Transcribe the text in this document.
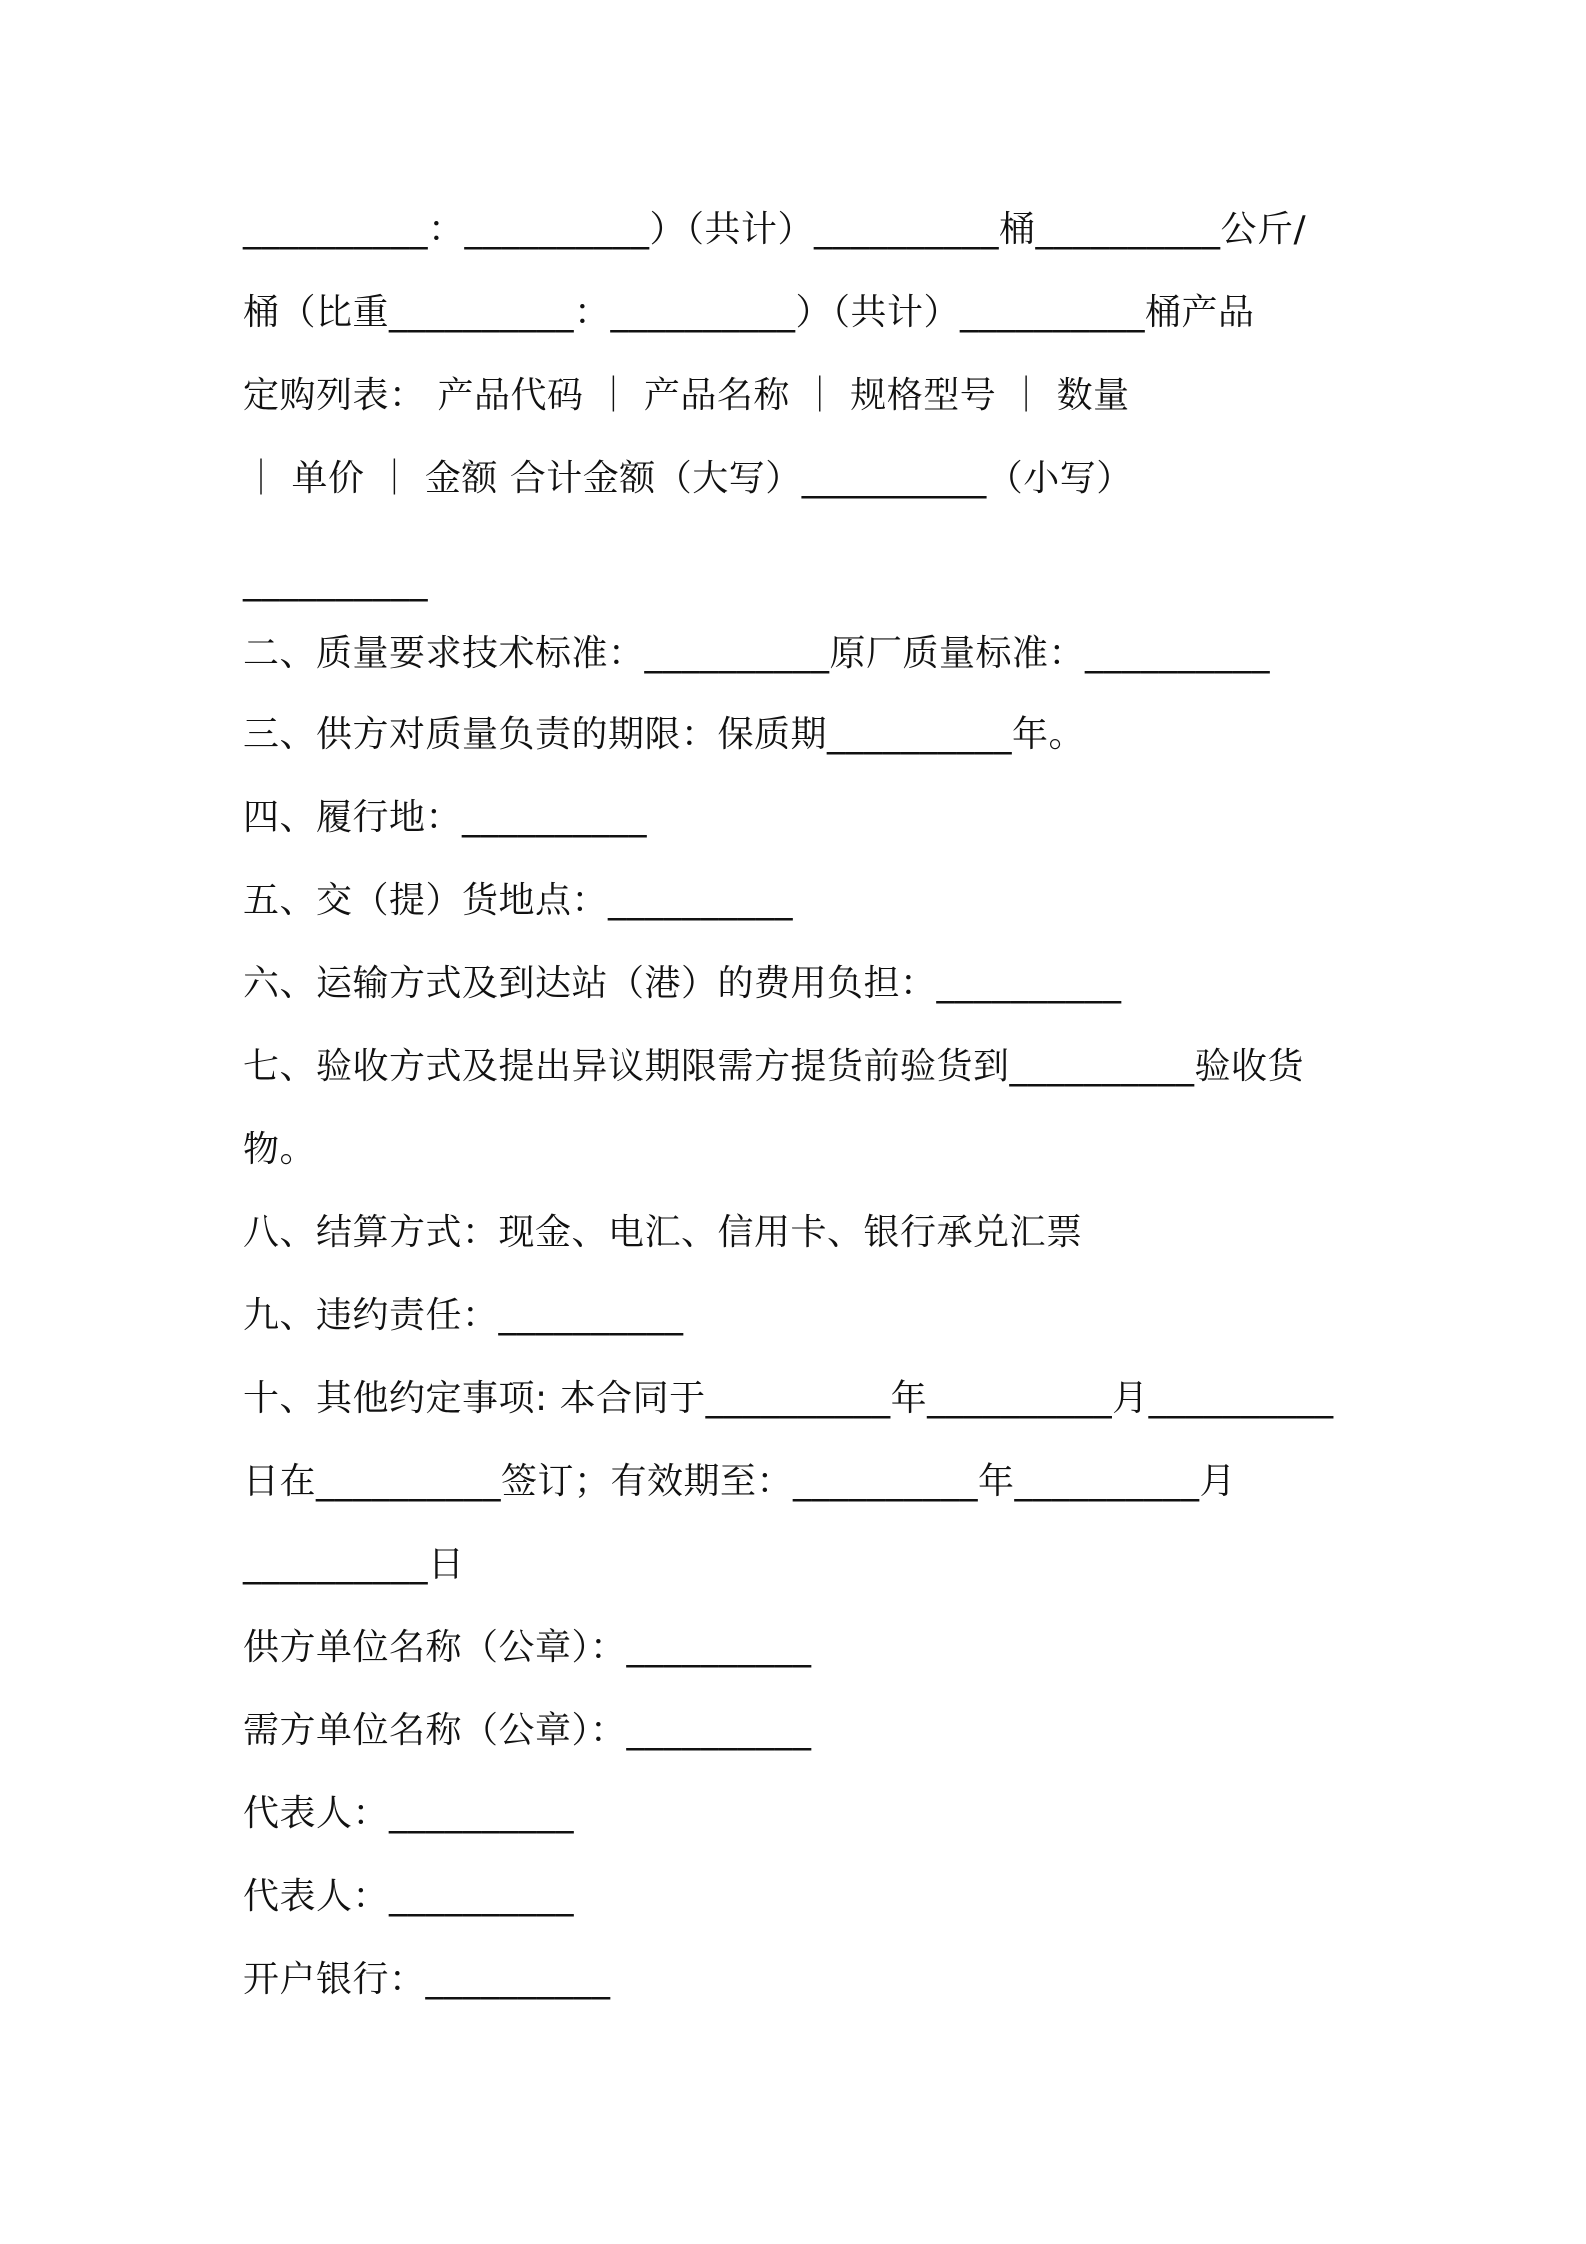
__________：__________）（共计）__________桶__________公斤/
桶（比重__________：__________）（共计）__________桶产品
定购列表： 产品代码 ｜ 产品名称 ｜ 规格型号 ｜ 数量
｜ 单价 ｜ 金额 合计金额（大写）__________（小写）
__________
二、质量要求技术标准：__________原厂质量标准：__________
三、供方对质量负责的期限：保质期__________年。
四、履行地：__________
五、交（提）货地点：__________
六、运输方式及到达站（港）的费用负担：__________
七、验收方式及提出异议期限需方提货前验货到__________验收货
物。
八、结算方式：现金、电汇、信用卡、银行承兑汇票
九、违约责任：__________
十、其他约定事项: 本合同于__________年__________月__________
日在__________签订；有效期至：__________年__________月
__________日
供方单位名称（公章）：__________
需方单位名称（公章）：__________
代表人：__________
代表人：__________
开户银行：__________
